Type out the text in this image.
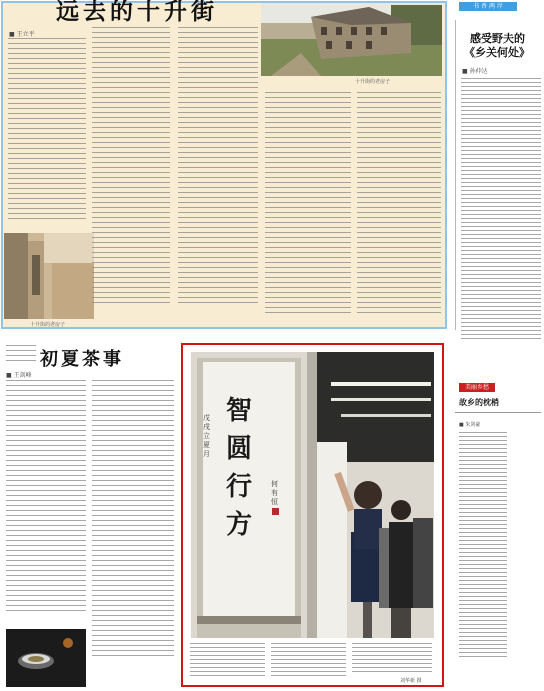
远去的十升街
■ 王立平
十升街的老房子
十升街的老房子
书 香 两 岸
感受野夫的
《乡关何处》
■ 孙仲达
初夏茶事
■ 王剑峰
智圆行方
戊戌立夏月
何有恒
刘华新 摄
美丽乡愁
故乡的枕梢
■ 朱剑豪
